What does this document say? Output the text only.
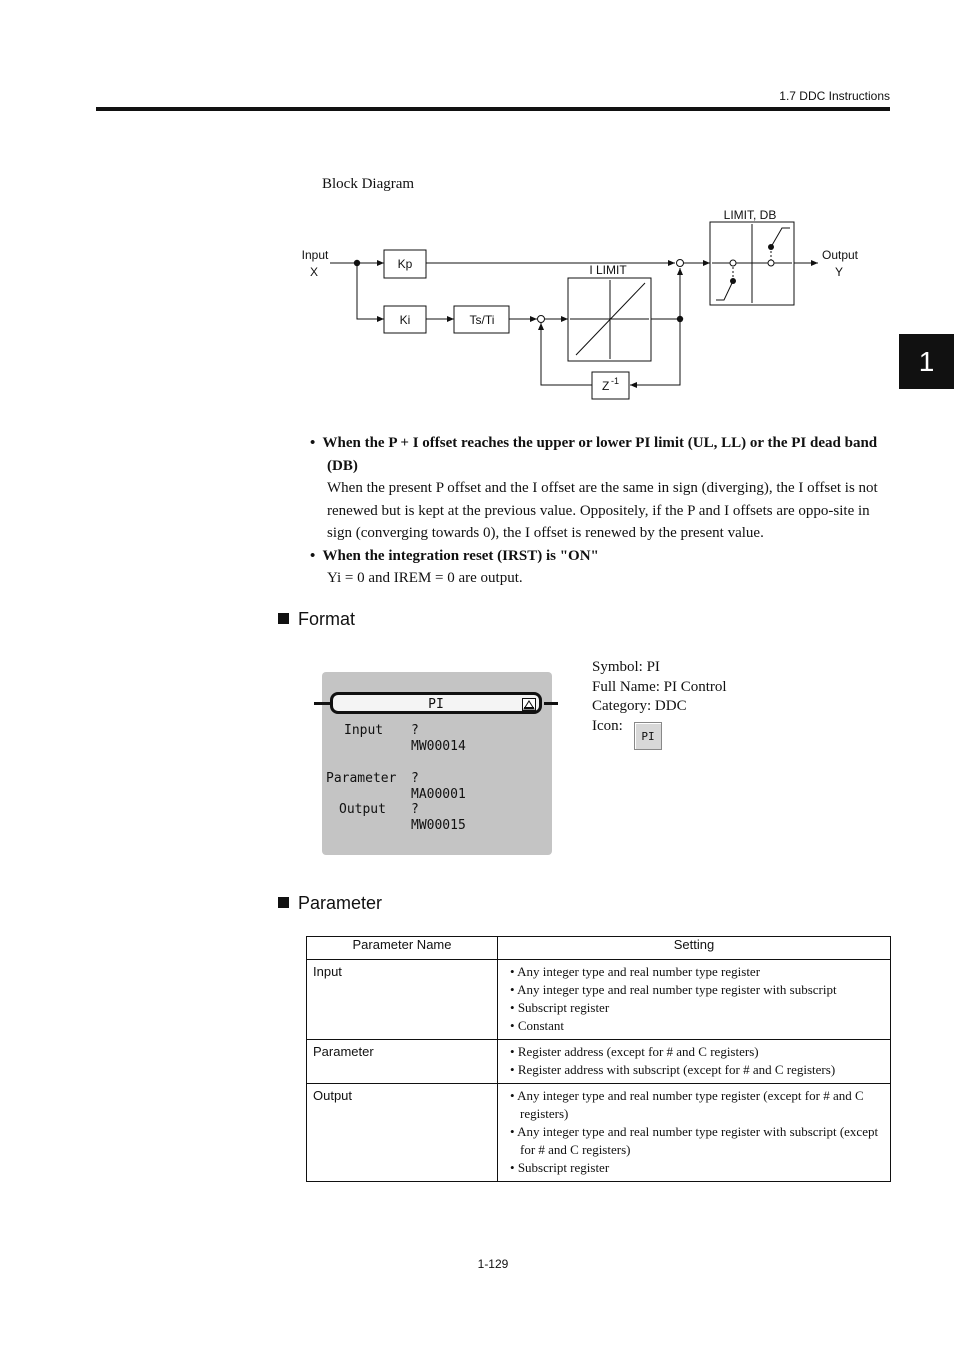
1.7 DDC Instructions
1
Block Diagram
Input
X
Output
Y
Kp
Ki	Ts/Ti
I LIMIT
LIMIT, DB
Z -1
•  When the P + I offset reaches the upper or lower PI limit (UL, LL) or the PI dead band (DB)
When the present P offset and the I offset are the same in sign (diverging), the I offset is not renewed but is kept at the previous value. Oppositely, if the P and I offsets are oppo-site in sign (converging towards 0), the I offset is renewed by the present value.
•  When the integration reset (IRST) is "ON"
Yi = 0 and IREM = 0 are output.
Format
PI
Input ?
MW00014
Parameter ?
MA00001
Output ?
MW00015
Symbol: PI
Full Name: PI Control
Category: DDC
Icon:
PI
Parameter
Parameter Name	Setting
Input	• Any integer type and real number type register

• Any integer type and real number type register with subscript

• Subscript register

• Constant

Parameter	• Register address (except for # and C registers)

• Register address with subscript (except for # and C registers)

Output	• Any integer type and real number type register (except for # and C registers)

• Any integer type and real number type register with subscript (except for # and C registers)

• Subscript register

1-129
